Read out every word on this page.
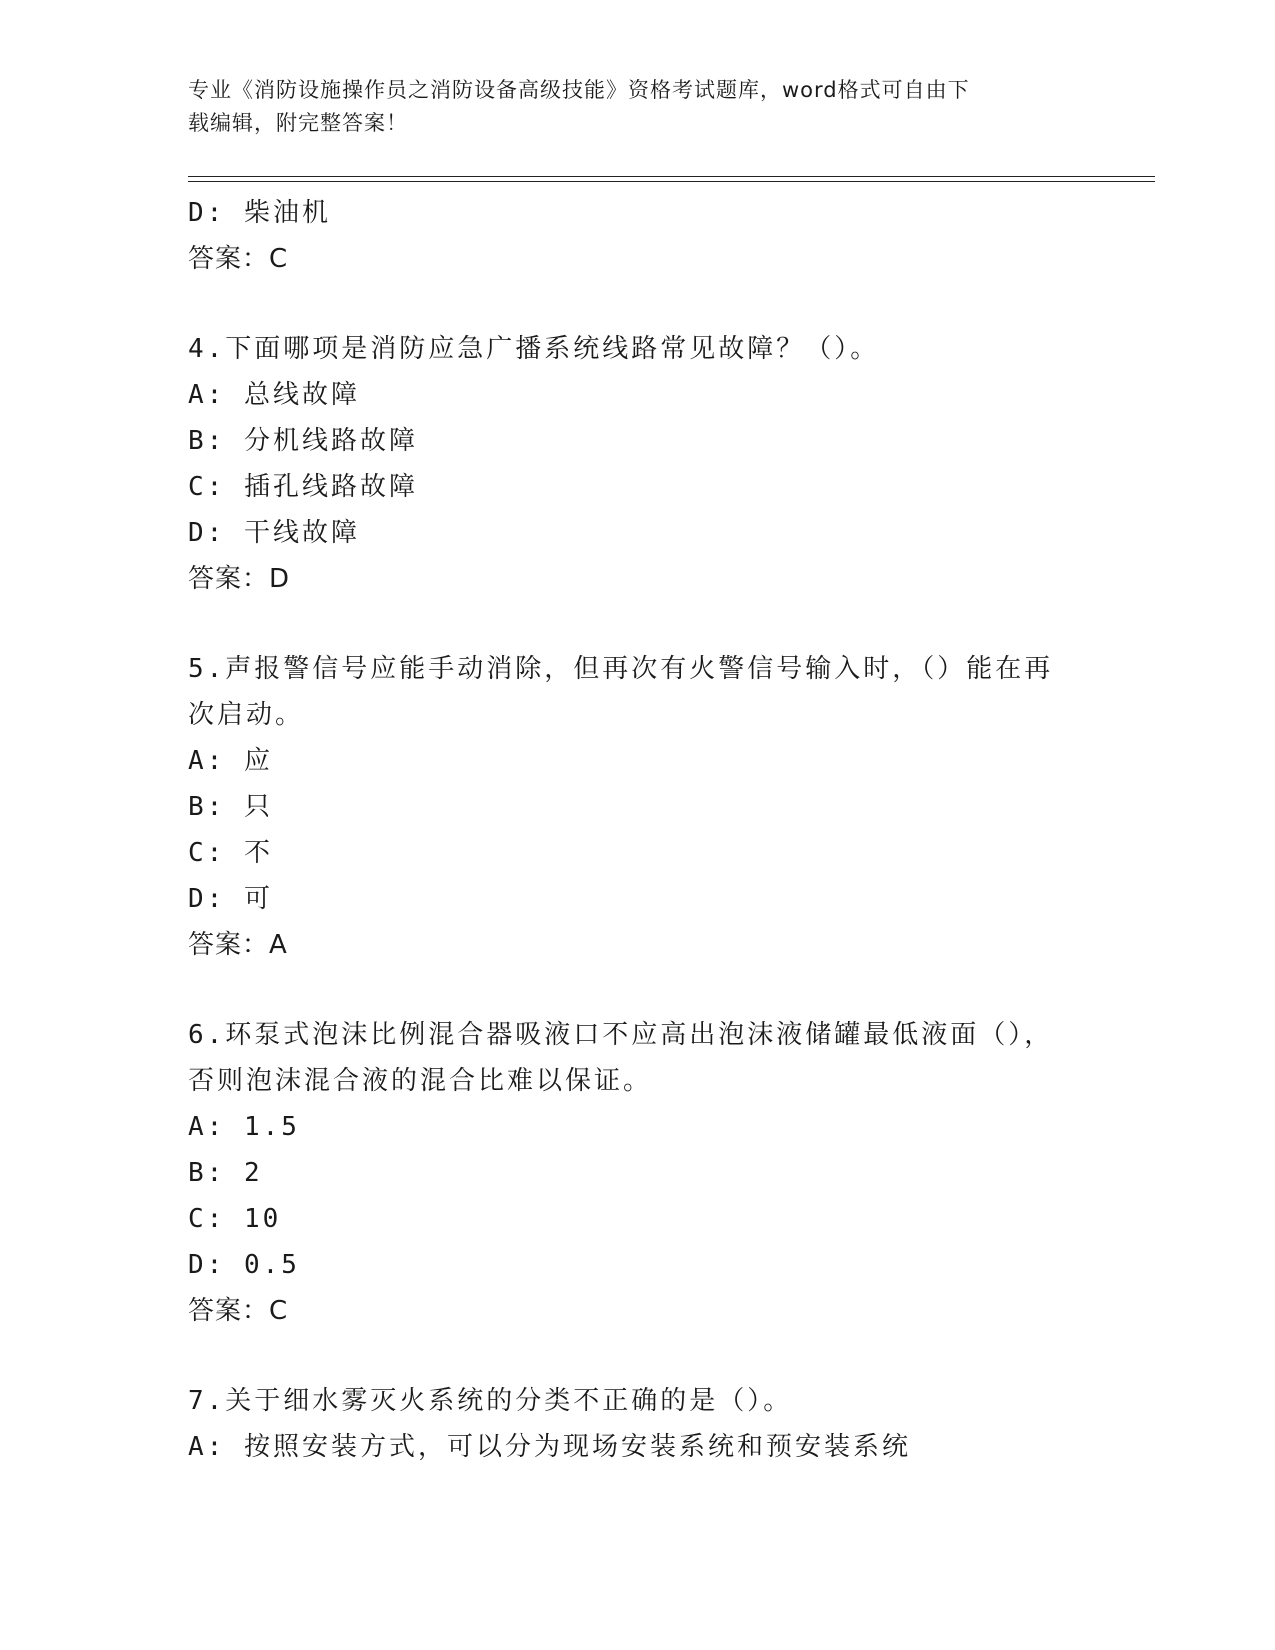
专业《消防设施操作员之消防设备高级技能》资格考试题库，word格式可自由下
载编辑，附完整答案！
D: 柴油机
答案：C
4.下面哪项是消防应急广播系统线路常见故障？（）。
A: 总线故障
B: 分机线路故障
C: 插孔线路故障
D: 干线故障
答案：D
5.声报警信号应能手动消除，但再次有火警信号输入时，（）能在再
次启动。
A: 应
B: 只
C: 不
D: 可
答案：A
6.环泵式泡沫比例混合器吸液口不应高出泡沫液储罐最低液面（），
否则泡沫混合液的混合比难以保证。
A: 1.5
B: 2
C: 10
D: 0.5
答案：C
7.关于细水雾灭火系统的分类不正确的是（）。
A: 按照安装方式，可以分为现场安装系统和预安装系统
